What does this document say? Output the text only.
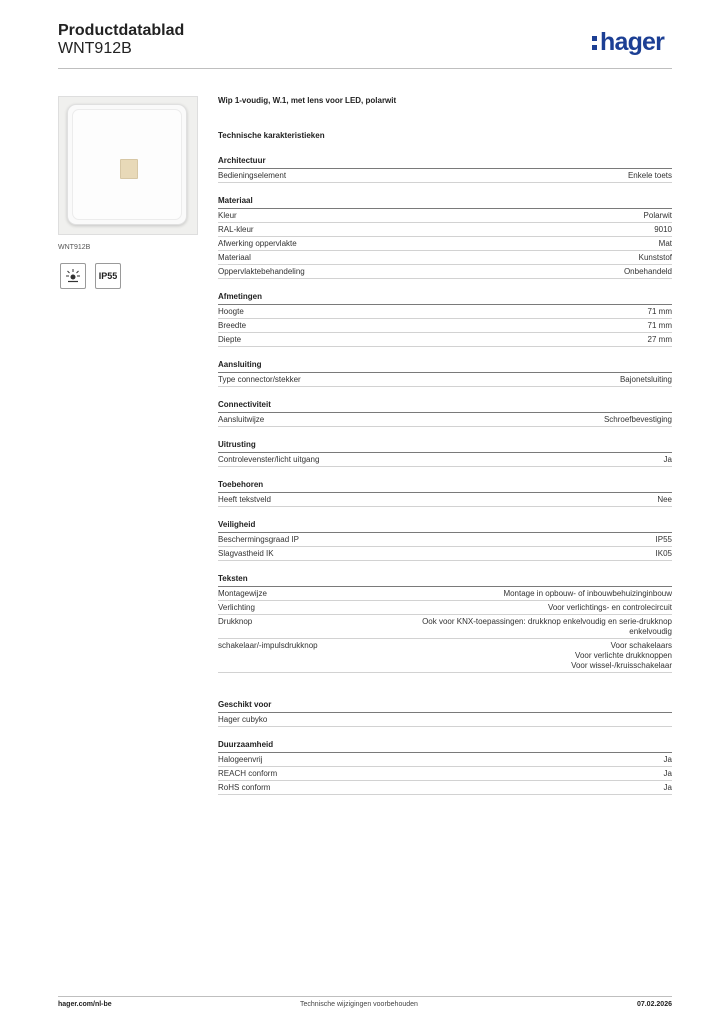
Productdatablad
WNT912B	hager
WNT912B
IP55
Wip 1-voudig, W.1, met lens voor LED, polarwit
Technische karakteristieken
Architectuur
Bedieningselement	Enkele toets
Materiaal
Kleur	Polarwit
RAL-kleur	9010
Afwerking oppervlakte	Mat
Materiaal	Kunststof
Oppervlaktebehandeling	Onbehandeld
Afmetingen
Hoogte	71 mm
Breedte	71 mm
Diepte	27 mm
Aansluiting
Type connector/stekker	Bajonetsluiting
Connectiviteit
Aansluitwijze	Schroefbevestiging
Uitrusting
Controlevenster/licht uitgang	Ja
Toebehoren
Heeft tekstveld	Nee
Veiligheid
Beschermingsgraad IP	IP55
Slagvastheid IK	IK05
Teksten
Montagewijze	Montage in opbouw- of inbouwbehuizinginbouw
Verlichting	Voor verlichtings- en controlecircuit
Drukknop	Ook voor KNX-toepassingen: drukknop enkelvoudig en serie-drukknop
enkelvoudig
schakelaar/-impulsdrukknop	Voor schakelaars
Voor verlichte drukknoppen
Voor wissel-/kruisschakelaar
Geschikt voor
Hager cubyko
Duurzaamheid
Halogeenvrij	Ja
REACH conform	Ja
RoHS conform	Ja
hager.com/nl-be	Technische wijzigingen voorbehouden	07.02.2026
